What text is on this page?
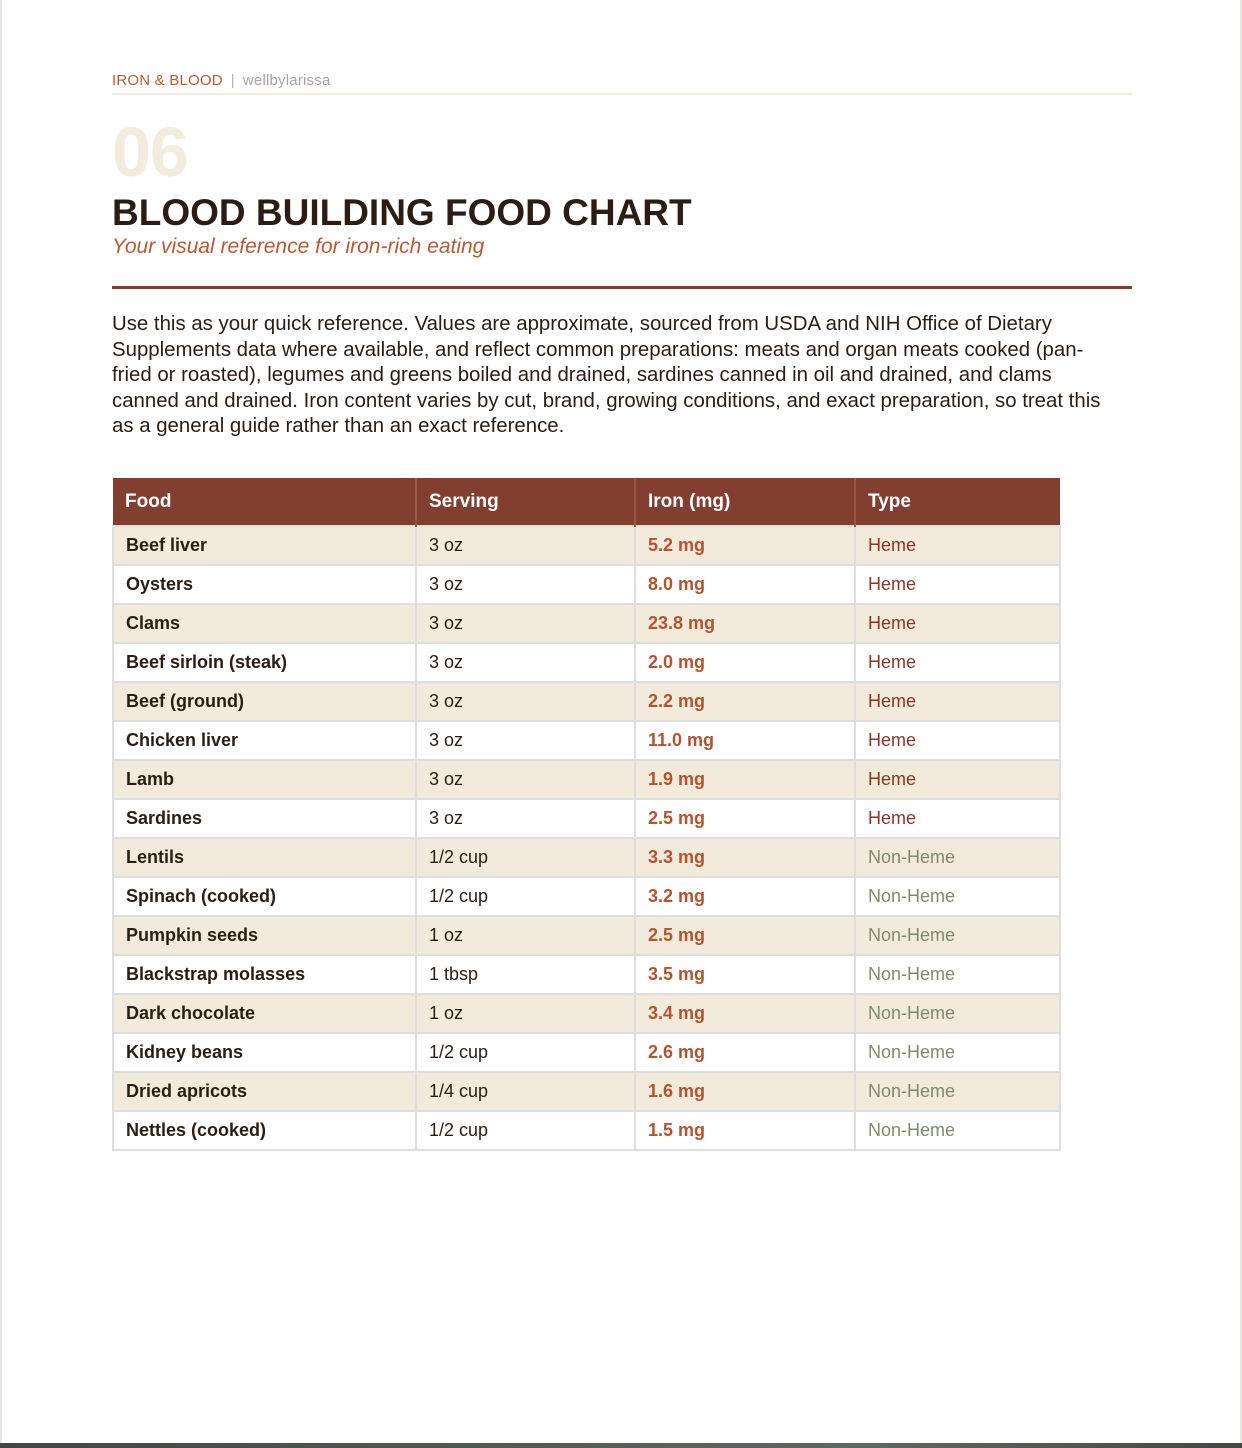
IRON & BLOOD | wellbylarissa
06
BLOOD BUILDING FOOD CHART
Your visual reference for iron-rich eating

Use this as your quick reference. Values are approximate, sourced from USDA and NIH Office of Dietary Supplements data where available, and reflect common preparations: meats and organ meats cooked (pan-fried or roasted), legumes and greens boiled and drained, sardines canned in oil and drained, and clams canned and drained. Iron content varies by cut, brand, growing conditions, and exact preparation, so treat this as a general guide rather than an exact reference.

Food	Serving	Iron (mg)	Type
Beef liver	3 oz	5.2 mg	Heme
Oysters	3 oz	8.0 mg	Heme
Clams	3 oz	23.8 mg	Heme
Beef sirloin (steak)	3 oz	2.0 mg	Heme
Beef (ground)	3 oz	2.2 mg	Heme
Chicken liver	3 oz	11.0 mg	Heme
Lamb	3 oz	1.9 mg	Heme
Sardines	3 oz	2.5 mg	Heme
Lentils	1/2 cup	3.3 mg	Non-Heme
Spinach (cooked)	1/2 cup	3.2 mg	Non-Heme
Pumpkin seeds	1 oz	2.5 mg	Non-Heme
Blackstrap molasses	1 tbsp	3.5 mg	Non-Heme
Dark chocolate	1 oz	3.4 mg	Non-Heme
Kidney beans	1/2 cup	2.6 mg	Non-Heme
Dried apricots	1/4 cup	1.6 mg	Non-Heme
Nettles (cooked)	1/2 cup	1.5 mg	Non-Heme
